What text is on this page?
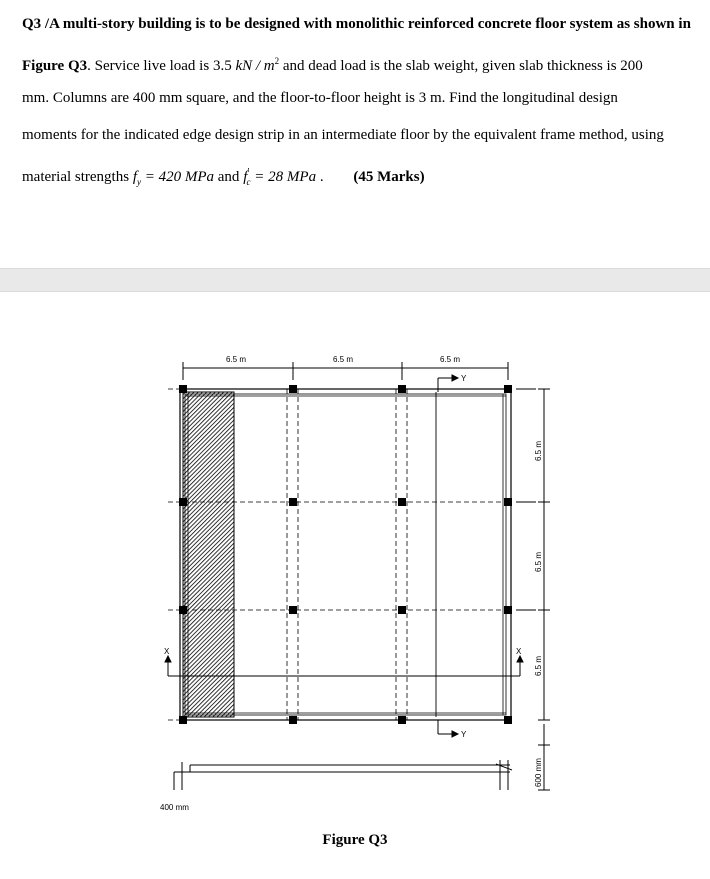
Q3 /A multi-story building is to be designed with monolithic reinforced concrete floor system as shown in
Figure Q3. Service live load is 3.5 kN / $m^2$ and dead load is the slab weight, given slab thickness is 200
mm. Columns are 400 mm square, and the floor-to-floor height is 3 m. Find the longitudinal design
moments for the indicated edge design strip in an intermediate floor by the equivalent frame method, using
material strengths $f_y = 420$ MPa and $f'_c = 28$ MPa . (45 Marks)
6.5 m	6.5 m	6.5 m
Y
Y
X	X
6.5 m
6.5 m
6.5 m
600 mm
400 mm
Figure Q3
